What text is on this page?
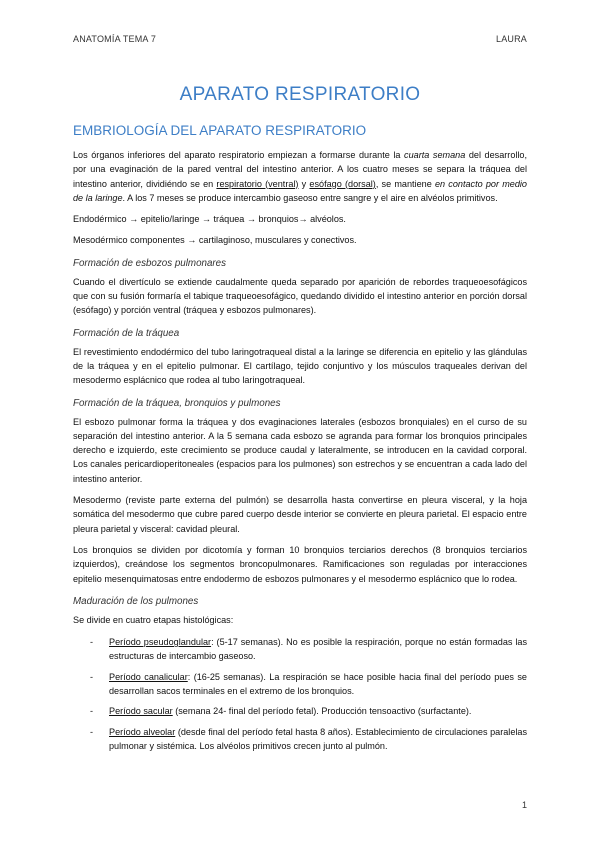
ANATOMÍA TEMA 7	LAURA
APARATO RESPIRATORIO
EMBRIOLOGÍA DEL APARATO RESPIRATORIO

Los órganos inferiores del aparato respiratorio empiezan a formarse durante la cuarta semana del desarrollo, por una evaginación de la pared ventral del intestino anterior. A los cuatro meses se separa la tráquea del intestino anterior, dividiéndo se en respiratorio (ventral) y esófago (dorsal), se mantiene en contacto por medio de la laringe. A los 7 meses se produce intercambio gaseoso entre sangre y el aire en alvéolos primitivos.

Endodérmico → epitelio/laringe → tráquea → bronquios→ alvéolos.

Mesodérmico componentes → cartilaginoso, musculares y conectivos.

Formación de esbozos pulmonares

Cuando el divertículo se extiende caudalmente queda separado por aparición de rebordes traqueoesofágicos que con su fusión formaría el tabique traqueoesofágico, quedando dividido el intestino anterior en porción dorsal (esófago) y porción ventral (tráquea y esbozos pulmonares).

Formación de la tráquea

El revestimiento endodérmico del tubo laringotraqueal distal a la laringe se diferencia en epitelio y las glándulas de la tráquea y en el epitelio pulmonar. El cartílago, tejido conjuntivo y los músculos traqueales derivan del mesodermo esplácnico que rodea al tubo laringotraqueal.

Formación de la tráquea, bronquios y pulmones

El esbozo pulmonar forma la tráquea y dos evaginaciones laterales (esbozos bronquiales) en el curso de su separación del intestino anterior. A la 5 semana cada esbozo se agranda para formar los bronquios principales derecho e izquierdo, este crecimiento se produce caudal y lateralmente, se introducen en la cavidad corporal. Los canales pericardioperitoneales (espacios para los pulmones) son estrechos y se encuentran a cada lado del intestino anterior.

Mesodermo (reviste parte externa del pulmón) se desarrolla hasta convertirse en pleura visceral, y la hoja somática del mesodermo que cubre pared cuerpo desde interior se convierte en pleura parietal. El espacio entre pleura parietal y visceral: cavidad pleural.

Los bronquios se dividen por dicotomía y forman 10 bronquios terciarios derechos (8 bronquios terciarios izquierdos), creándose los segmentos broncopulmonares. Ramificaciones son reguladas por interacciones epitelio mesenquimatosas entre endodermo de esbozos pulmonares y el mesodermo esplácnico que lo rodea.

Maduración de los pulmones

Se divide en cuatro etapas histológicas:

- Período pseudoglandular: (5-17 semanas). No es posible la respiración, porque no están formadas las estructuras de intercambio gaseoso.
- Período canalicular: (16-25 semanas). La respiración se hace posible hacia final del período pues se desarrollan sacos terminales en el extremo de los bronquios.
- Período sacular (semana 24- final del período fetal). Producción tensoactivo (surfactante).
- Período alveolar (desde final del período fetal hasta 8 años). Establecimiento de circulaciones paralelas pulmonar y sistémica. Los alvéolos primitivos crecen junto al pulmón.
1
